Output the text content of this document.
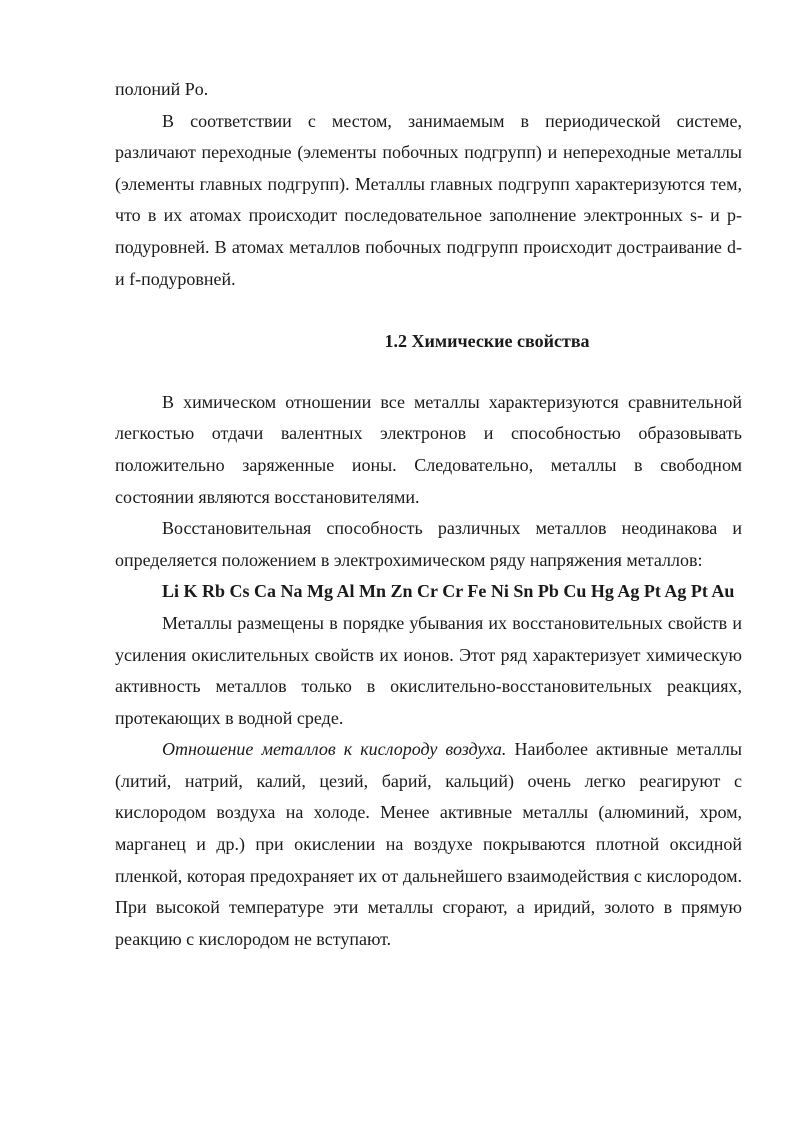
полоний Po.

В соответствии с местом, занимаемым в периодической системе, различают переходные (элементы побочных подгрупп) и непереходные металлы (элементы главных подгрупп). Металлы главных подгрупп характеризуются тем, что в их атомах происходит последовательное заполнение электронных s- и p-подуровней. В атомах металлов побочных подгрупп происходит достраивание d- и f-подуровней.

1.2 Химические свойства

В химическом отношении все металлы характеризуются сравнительной легкостью отдачи валентных электронов и способностью образовывать положительно заряженные ионы. Следовательно, металлы в свободном состоянии являются восстановителями.

Восстановительная способность различных металлов неодинакова и определяется положением в электрохимическом ряду напряжения металлов:

Li K Rb Cs Ca Na Mg Al Mn Zn Cr Cr Fe Ni Sn Pb Cu Hg Ag Pt Ag Pt Au

Металлы размещены в порядке убывания их восстановительных свойств и усиления окислительных свойств их ионов. Этот ряд характеризует химическую активность металлов только в окислительно-восстановительных реакциях, протекающих в водной среде.

Отношение металлов к кислороду воздуха. Наиболее активные металлы (литий, натрий, калий, цезий, барий, кальций) очень легко реагируют с кислородом воздуха на холоде. Менее активные металлы (алюминий, хром, марганец и др.) при окислении на воздухе покрываются плотной оксидной пленкой, которая предохраняет их от дальнейшего взаимодействия с кислородом. При высокой температуре эти металлы сгорают, а иридий, золото в прямую реакцию с кислородом не вступают.
